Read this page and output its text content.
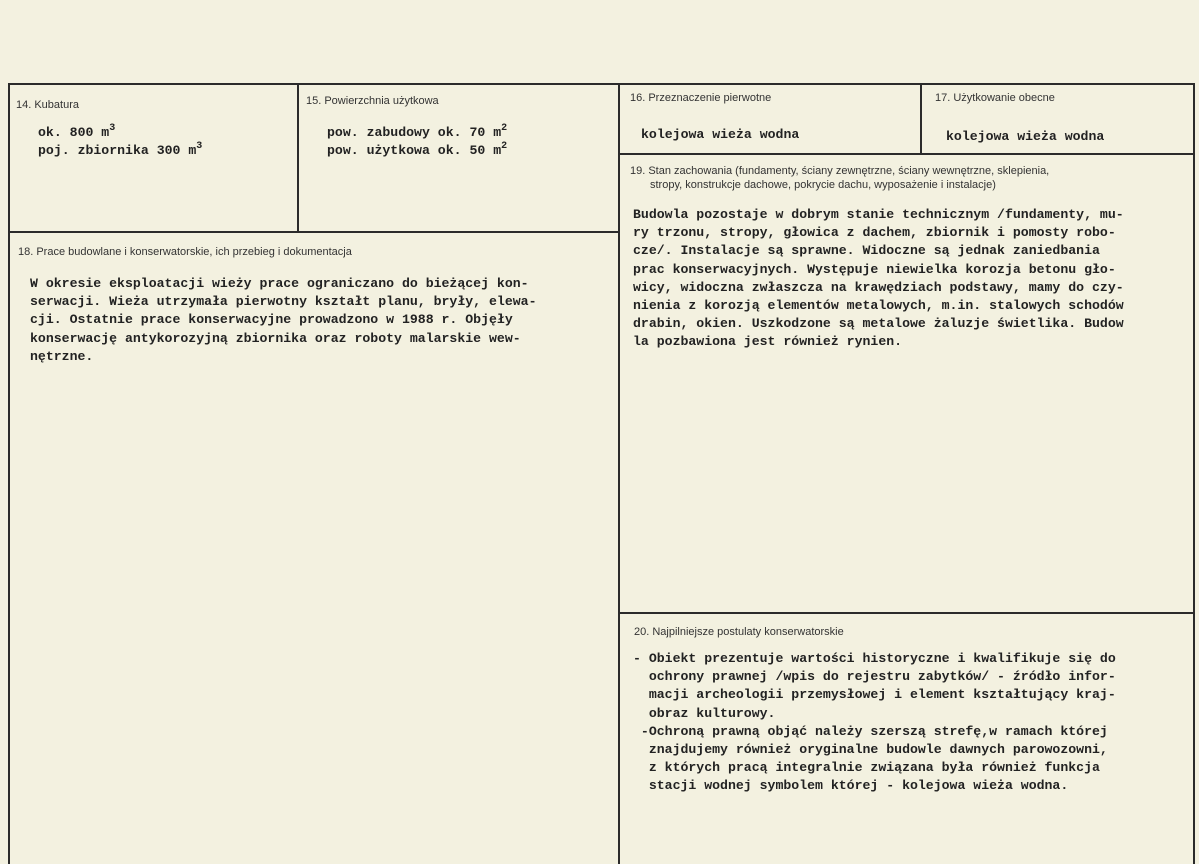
14. Kubatura
ok. 800 $m^3$
poj. zbiornika 300 $m^3$
15. Powierzchnia użytkowa
pow. zabudowy ok. 70 $m^2$
pow. użytkowa ok. 50 $m^2$
16. Przeznaczenie pierwotne
kolejowa wieża wodna
17. Użytkowanie obecne
kolejowa wieża wodna
18. Prace budowlane i konserwatorskie, ich przebieg i dokumentacja
W okresie eksploatacji wieży prace ograniczano do bieżącej kon-
serwacji. Wieża utrzymała pierwotny kształt planu, bryły, elewa-
cji. Ostatnie prace konserwacyjne prowadzono w 1988 r. Objęły
konserwację antykorozyjną zbiornika oraz roboty malarskie wew-
nętrzne.
19. Stan zachowania (fundamenty, ściany zewnętrzne, ściany wewnętrzne, sklepienia,
stropy, konstrukcje dachowe, pokrycie dachu, wyposażenie i instalacje)
Budowla pozostaje w dobrym stanie technicznym /fundamenty, mu-
ry trzonu, stropy, głowica z dachem, zbiornik i pomosty robo-
cze/. Instalacje są sprawne. Widoczne są jednak zaniedbania
prac konserwacyjnych. Występuje niewielka korozja betonu gło-
wicy, widoczna zwłaszcza na krawędziach podstawy, mamy do czy-
nienia z korozją elementów metalowych, m.in. stalowych schodów
drabin, okien. Uszkodzone są metalowe żaluzje świetlika. Budow
la pozbawiona jest również rynien.
20. Najpilniejsze postulaty konserwatorskie
- Obiekt prezentuje wartości historyczne i kwalifikuje się do
ochrony prawnej /wpis do rejestru zabytków/ - źródło infor-
macji archeologii przemysłowej i element kształtujący kraj-
obraz kulturowy.
-Ochroną prawną objąć należy szerszą strefę,w ramach której
znajdujemy również oryginalne budowle dawnych parowozowni,
z których pracą integralnie związana była również funkcja
stacji wodnej symbolem której - kolejowa wieża wodna.
